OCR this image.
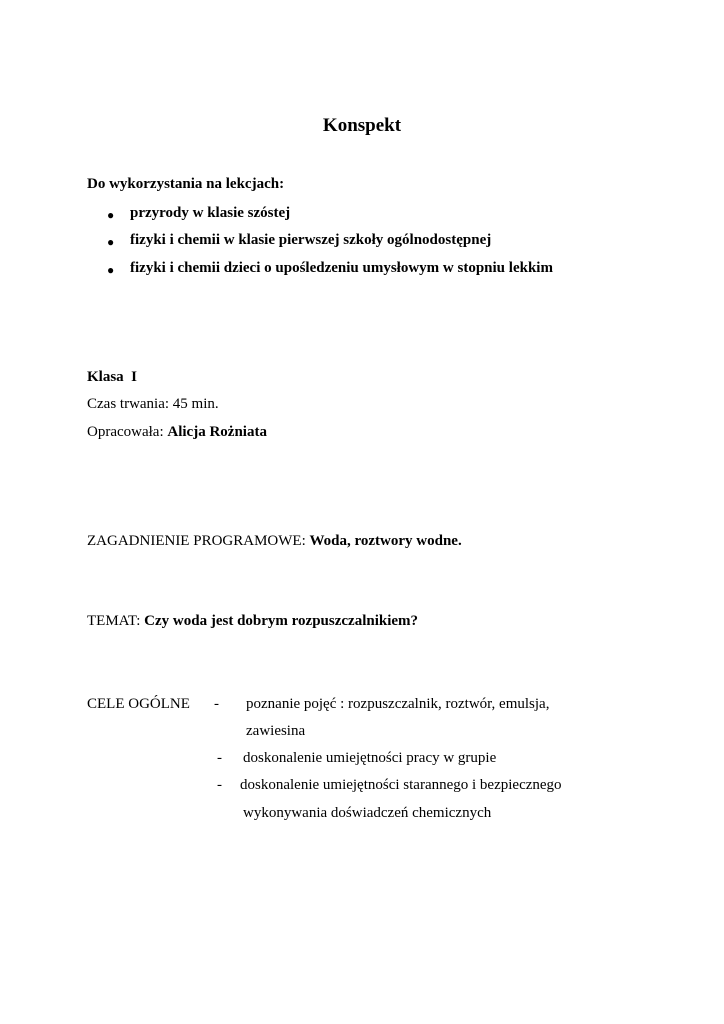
Konspekt
Do wykorzystania na lekcjach:
● przyrody w klasie szóstej
● fizyki i chemii w klasie pierwszej szkoły ogólnodostępnej
● fizyki i chemii dzieci o upośledzeniu umysłowym w stopniu lekkim
Klasa  I
Czas trwania: 45 min.
Opracowała: Alicja Rożniata
ZAGADNIENIE PROGRAMOWE: Woda, roztwory wodne.
TEMAT: Czy woda jest dobrym rozpuszczalnikiem?
CELE OGÓLNE - poznanie pojęć : rozpuszczalnik, roztwór, emulsja,
zawiesina
- doskonalenie umiejętności pracy w grupie
- doskonalenie umiejętności starannego i bezpiecznego
wykonywania doświadczeń chemicznych
